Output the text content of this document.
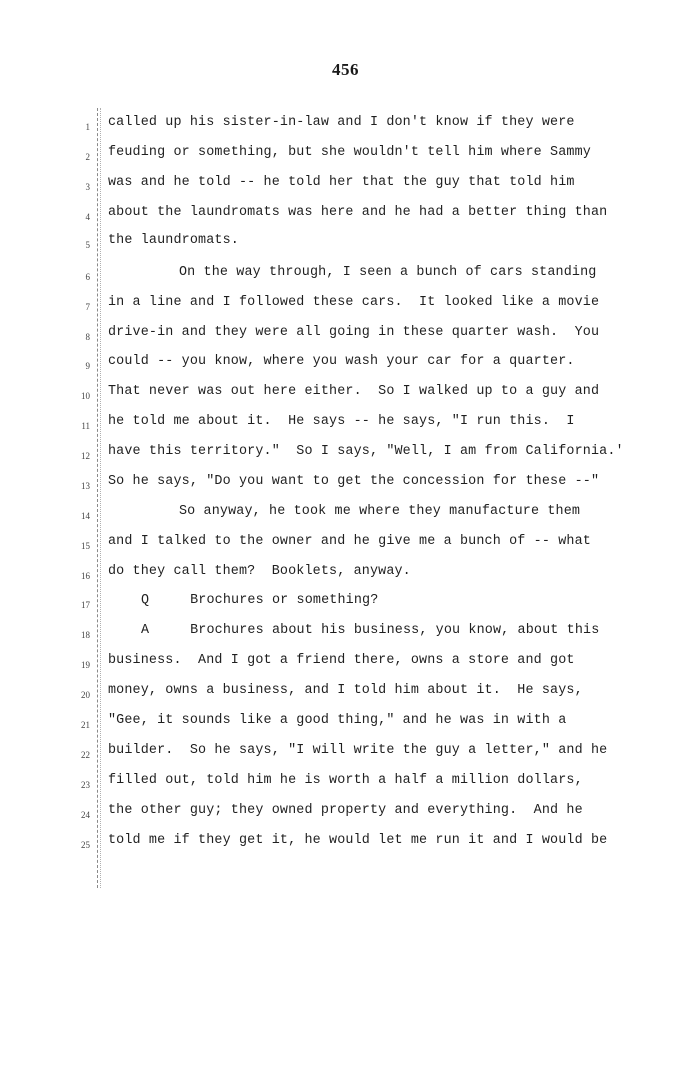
456
1 called up his sister-in-law and I don't know if they were
2 feuding or something, but she wouldn't tell him where Sammy
3 was and he told -- he told her that the guy that told him
4 about the laundromats was here and he had a better thing than
5 the laundromats.
6	On the way through, I seen a bunch of cars standing
7 in a line and I followed these cars.  It looked like a movie
8 drive-in and they were all going in these quarter wash.  You
9 could -- you know, where you wash your car for a quarter.
10 That never was out here either.  So I walked up to a guy and
11 he told me about it.  He says -- he says, "I run this.  I
12 have this territory."  So I says, "Well, I am from California.'
13 So he says, "Do you want to get the concession for these --"
14	So anyway, he took me where they manufacture them
15 and I talked to the owner and he give me a bunch of -- what
16 do they call them?  Booklets, anyway.
17	Q     Brochures or something?
18	A     Brochures about his business, you know, about this
19 business.  And I got a friend there, owns a store and got
20 money, owns a business, and I told him about it.  He says,
21 "Gee, it sounds like a good thing," and he was in with a
22 builder.  So he says, "I will write the guy a letter," and he
23 filled out, told him he is worth a half a million dollars,
24 the other guy; they owned property and everything.  And he
25 told me if they get it, he would let me run it and I would be
